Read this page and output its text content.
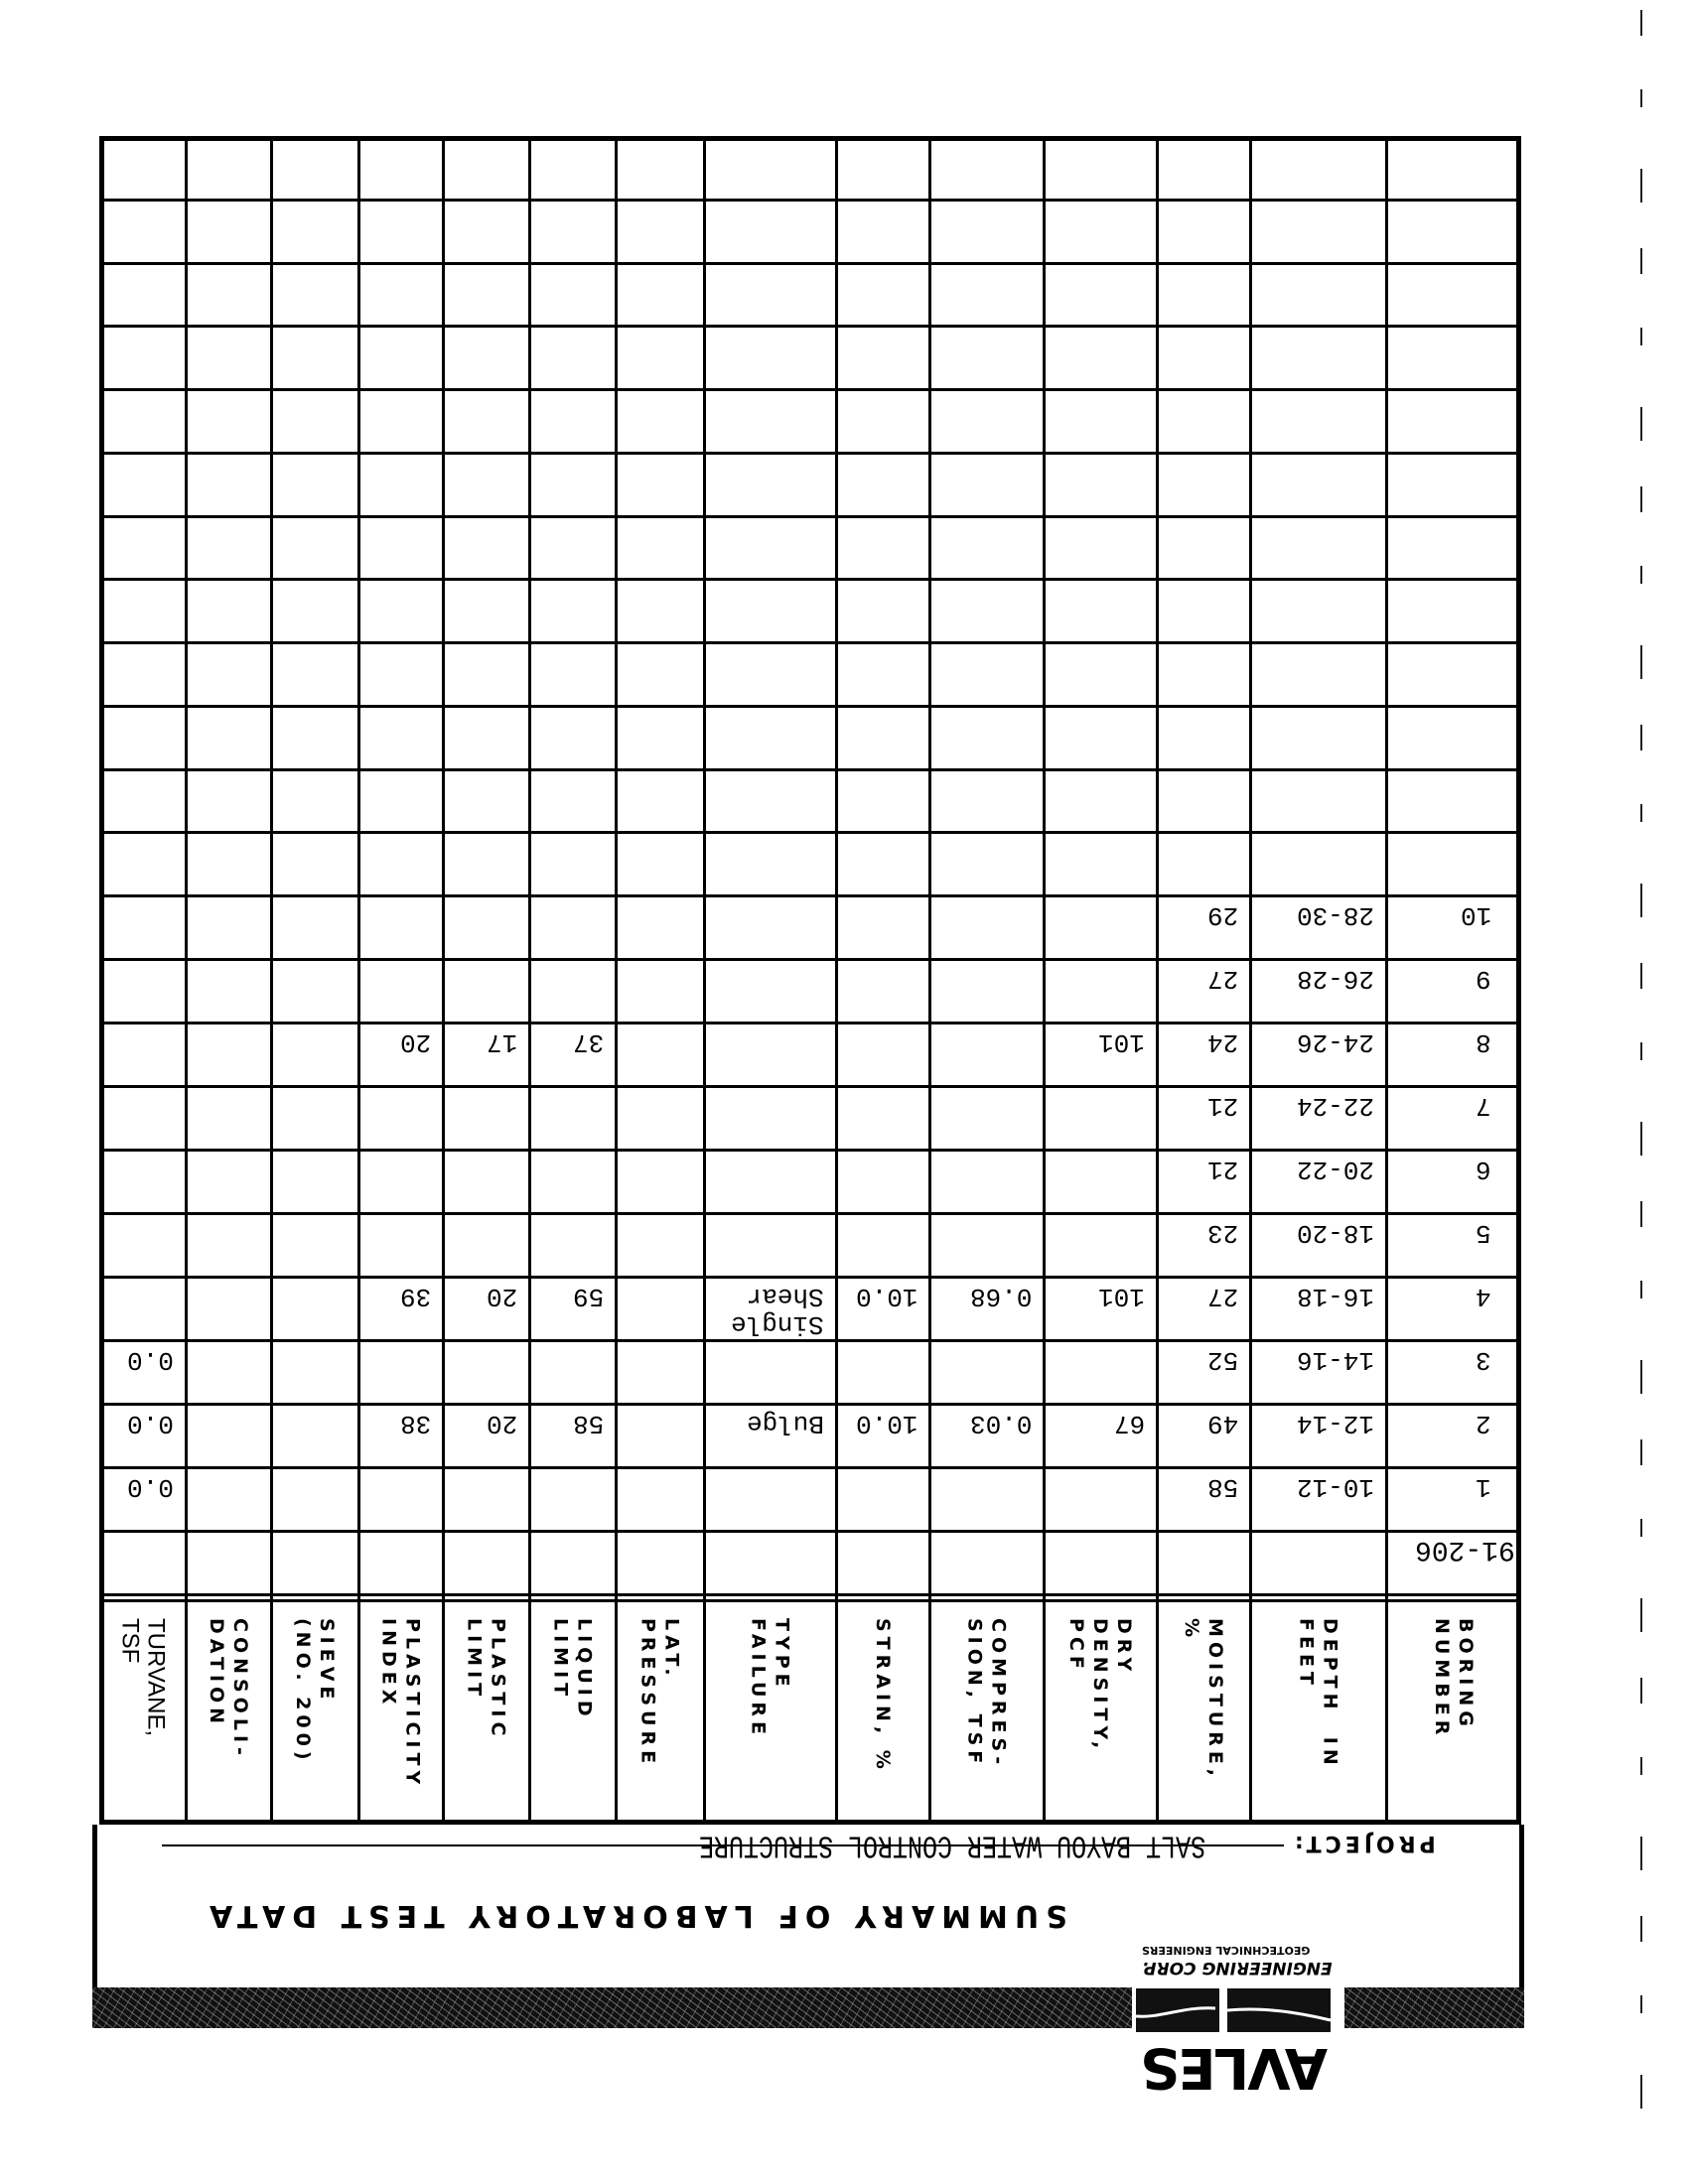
91-206
1
10-12
58
0.0
2
12-14
49
67
0.03
10.0
Bulge
58
20
38
0.0
3
14-16
52
0.0
4
16-18
27
101
0.68
10.0
Single
Shear
59
20
39
5
18-20
23
6
20-22
21
7
22-24
21
8
24-26
24
101
37
17
20
9
26-28
27
10
28-30
29
BORING
NUMBER
DEPTH  IN
FEET
MOISTURE,
%
DRY
DENSITY,
PCF
COMPRES-
SION, TSF
STRAIN, %
TYPE
FAILURE
LAT.
PRESSURE
LIQUID
LIMIT
PLASTIC
LIMIT
PLASTICITY
INDEX
SIEVE
(NO. 200)
CONSOLI-
DATION
TURVANE,
TSF
PROJECT:
SALT BAYOU WATER CONTROL STRUCTURE
SUMMARY OF LABORATORY TEST DATA
AVLES
ENGINEERING CORP.
GEOTECHNICAL ENGINEERS
